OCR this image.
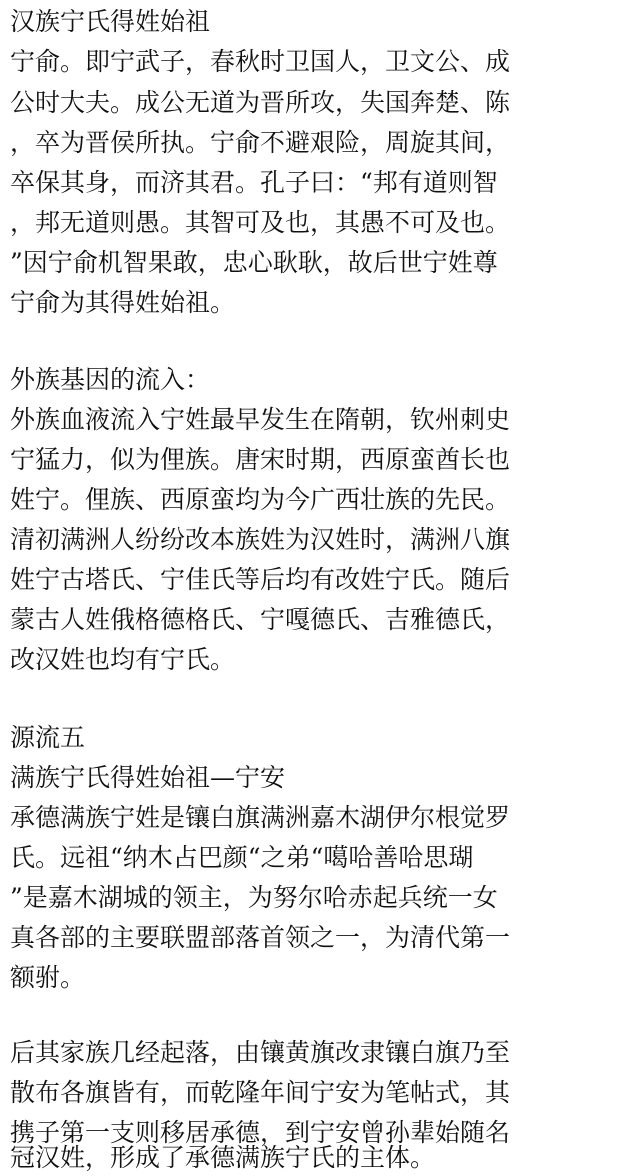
汉族宁氏得姓始祖
宁俞。即宁武子，春秋时卫国人，卫文公、成
公时大夫。成公无道为晋所攻，失国奔楚、陈
，卒为晋侯所执。宁俞不避艰险，周旋其间，
卒保其身，而济其君。孔子曰：“邦有道则智
，邦无道则愚。其智可及也，其愚不可及也。
”因宁俞机智果敢，忠心耿耿，故后世宁姓尊
宁俞为其得姓始祖。
外族基因的流入：
外族血液流入宁姓最早发生在隋朝，钦州刺史
宁猛力，似为俚族。唐宋时期，西原蛮酋长也
姓宁。俚族、西原蛮均为今广西壮族的先民。
清初满洲人纷纷改本族姓为汉姓时，满洲八旗
姓宁古塔氏、宁佳氏等后均有改姓宁氏。随后
蒙古人姓俄格德格氏、宁嘎德氏、吉雅德氏，
改汉姓也均有宁氏。
源流五
满族宁氏得姓始祖—宁安
承德满族宁姓是镶白旗满洲嘉木湖伊尔根觉罗
氏。远祖“纳木占巴颜“之弟“噶哈善哈思瑚
”是嘉木湖城的领主，为努尔哈赤起兵统一女
真各部的主要联盟部落首领之一，为清代第一
额驸。
后其家族几经起落，由镶黄旗改隶镶白旗乃至
散布各旗皆有，而乾隆年间宁安为笔帖式，其
携子第一支则移居承德，到宁安曾孙辈始随名
冠汉姓，形成了承德满族宁氏的主体。
